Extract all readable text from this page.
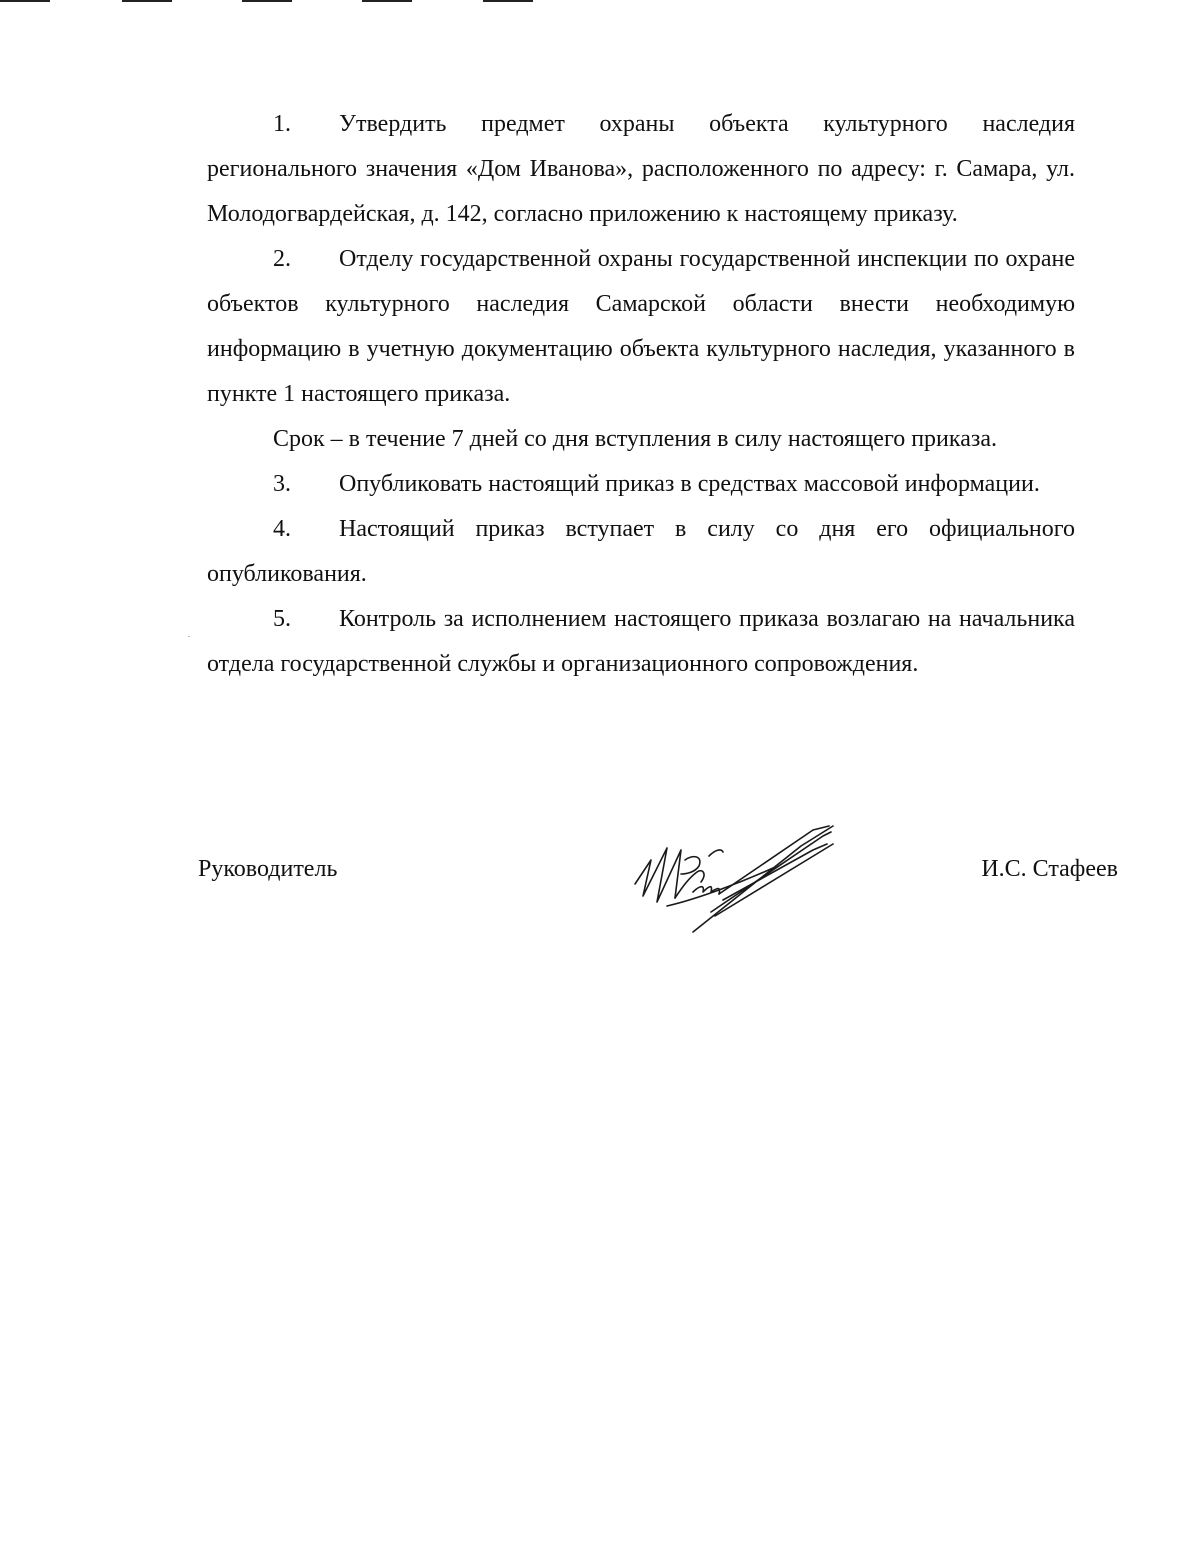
1. Утвердить предмет охраны объекта культурного наследия регионального значения «Дом Иванова», расположенного по адресу: г. Самара, ул. Молодогвардейская, д. 142, согласно приложению к настоящему приказу.

2. Отделу государственной охраны государственной инспекции по охране объектов культурного наследия Самарской области внести необходимую информацию в учетную документацию объекта культурного наследия, указанного в пункте 1 настоящего приказа.

Срок – в течение 7 дней со дня вступления в силу настоящего приказа.

3. Опубликовать настоящий приказ в средствах массовой информации.

4. Настоящий приказ вступает в силу со дня его официального опубликования.

5. Контроль за исполнением настоящего приказа возлагаю на начальника отдела государственной службы и организационного сопровождения.

Руководитель	И.С. Стафеев
